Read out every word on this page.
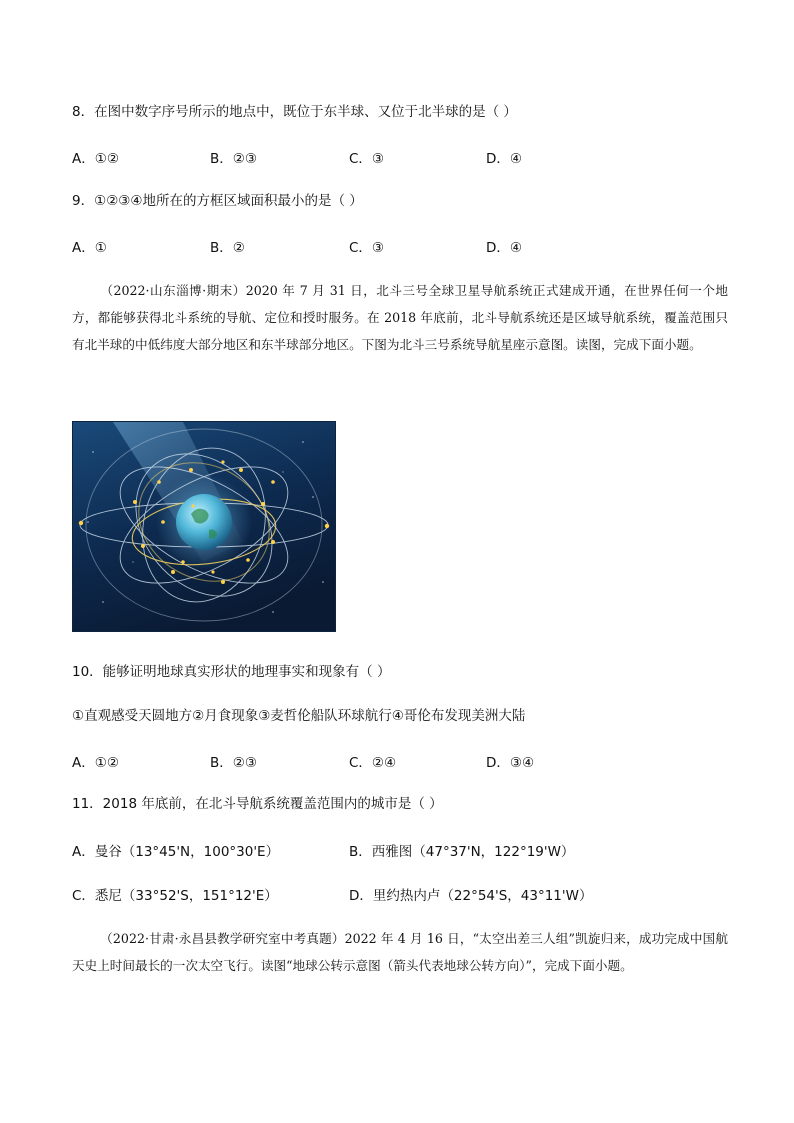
8．在图中数字序号所示的地点中，既位于东半球、又位于北半球的是（ ）
A．①②	B．②③	C．③	D．④
9．①②③④地所在的方框区域面积最小的是（ ）
A．①	B．②	C．③	D．④
（2022·山东淄博·期末）2020 年 7 月 31 日，北斗三号全球卫星导航系统正式建成开通，在世界任何一个地方，都能够获得北斗系统的导航、定位和授时服务。在 2018 年底前，北斗导航系统还是区域导航系统，覆盖范围只有北半球的中低纬度大部分地区和东半球部分地区。下图为北斗三号系统导航星座示意图。读图，完成下面小题。
10．能够证明地球真实形状的地理事实和现象有（ ）
①直观感受天圆地方②月食现象③麦哲伦船队环球航行④哥伦布发现美洲大陆
A．①②	B．②③	C．②④	D．③④
11．2018 年底前，在北斗导航系统覆盖范围内的城市是（ ）
A．曼谷（13°45'N，100°30'E）	B．西雅图（47°37'N，122°19'W）
C．悉尼（33°52'S，151°12'E）	D．里约热内卢（22°54'S，43°11'W）
（2022·甘肃·永昌县教学研究室中考真题）2022 年 4 月 16 日，“太空出差三人组”凯旋归来，成功完成中国航天史上时间最长的一次太空飞行。读图“地球公转示意图（箭头代表地球公转方向）”，完成下面小题。
